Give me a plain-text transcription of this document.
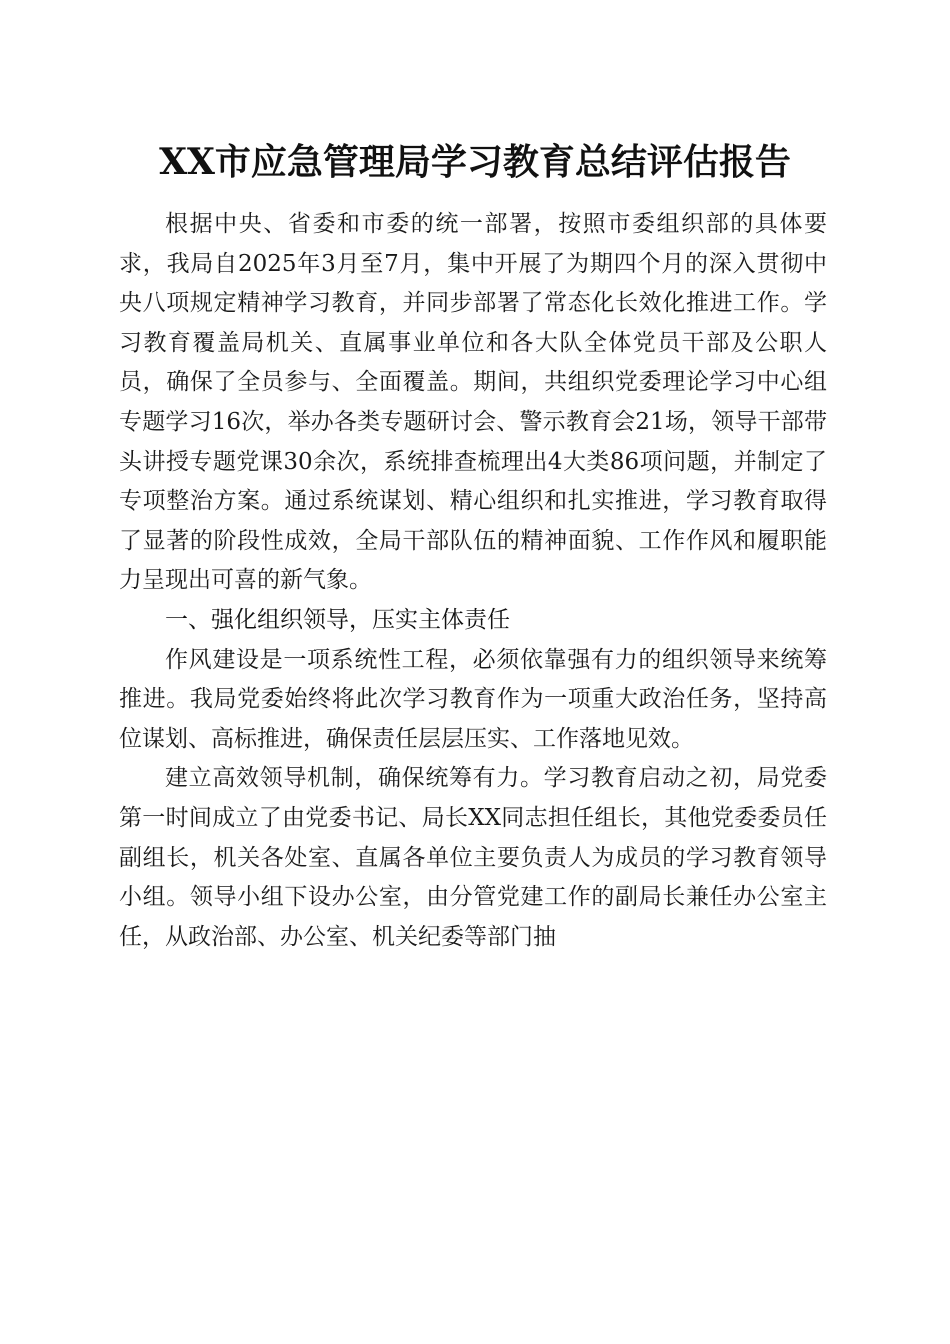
XX市应急管理局学习教育总结评估报告

根据中央、省委和市委的统一部署，按照市委组织部的具体要求，我局自2025年3月至7月，集中开展了为期四个月的深入贯彻中央八项规定精神学习教育，并同步部署了常态化长效化推进工作。学习教育覆盖局机关、直属事业单位和各大队全体党员干部及公职人员，确保了全员参与、全面覆盖。期间，共组织党委理论学习中心组专题学习16次，举办各类专题研讨会、警示教育会21场，领导干部带头讲授专题党课30余次，系统排查梳理出4大类86项问题，并制定了专项整治方案。通过系统谋划、精心组织和扎实推进，学习教育取得了显著的阶段性成效，全局干部队伍的精神面貌、工作作风和履职能力呈现出可喜的新气象。

一、强化组织领导，压实主体责任

作风建设是一项系统性工程，必须依靠强有力的组织领导来统筹推进。我局党委始终将此次学习教育作为一项重大政治任务，坚持高位谋划、高标推进，确保责任层层压实、工作落地见效。

建立高效领导机制，确保统筹有力。学习教育启动之初，局党委第一时间成立了由党委书记、局长XX同志担任组长，其他党委委员任副组长，机关各处室、直属各单位主要负责人为成员的学习教育领导小组。领导小组下设办公室，由分管党建工作的副局长兼任办公室主任，从政治部、办公室、机关纪委等部门抽
